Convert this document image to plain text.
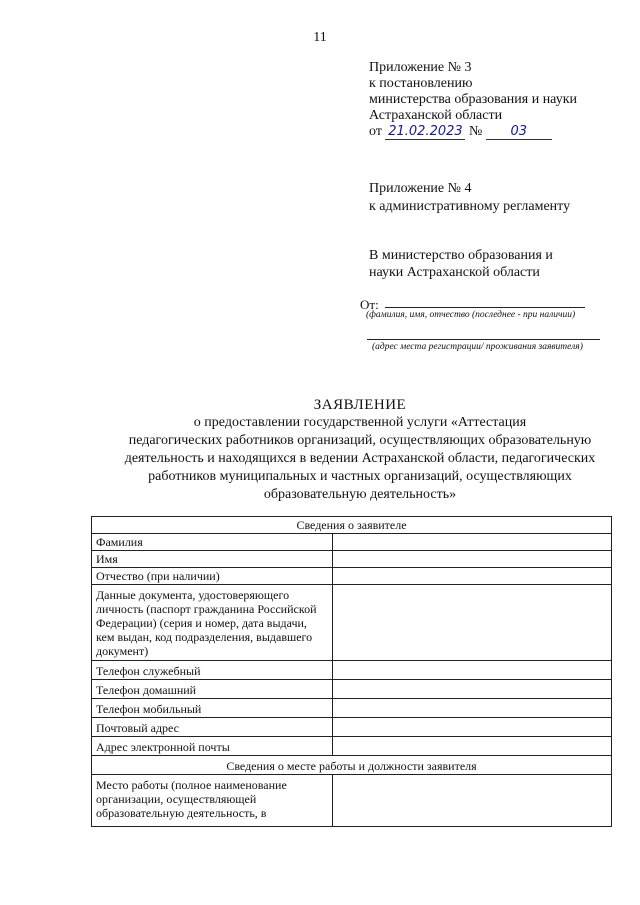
11
Приложение № 3
к постановлению
министерства образования и науки
Астраханской области
от 21.02.2023 № 03
Приложение № 4
к административному регламенту
В министерство образования и
науки Астраханской области
От:
(фамилия, имя, отчество (последнее - при наличии)
(адрес места регистрации/ проживания заявителя)
ЗАЯВЛЕНИЕ
о предоставлении государственной услуги «Аттестация
педагогических работников организаций, осуществляющих образовательную
деятельность и находящихся в ведении Астраханской области, педагогических
работников муниципальных и частных организаций, осуществляющих
образовательную деятельность»
Сведения о заявителе	
Фамилия	
Имя	
Отчество (при наличии)	
Данные документа, удостоверяющего личность (паспорт гражданина Российской Федерации) (серия и номер, дата выдачи, кем выдан, код подразделения, выдавшего документ)	
Телефон служебный	
Телефон домашний	
Телефон мобильный	
Почтовый адрес	
Адрес электронной почты	
Сведения о месте работы и должности заявителя	
Место работы (полное наименование организации, осуществляющей образовательную деятельность, в	
